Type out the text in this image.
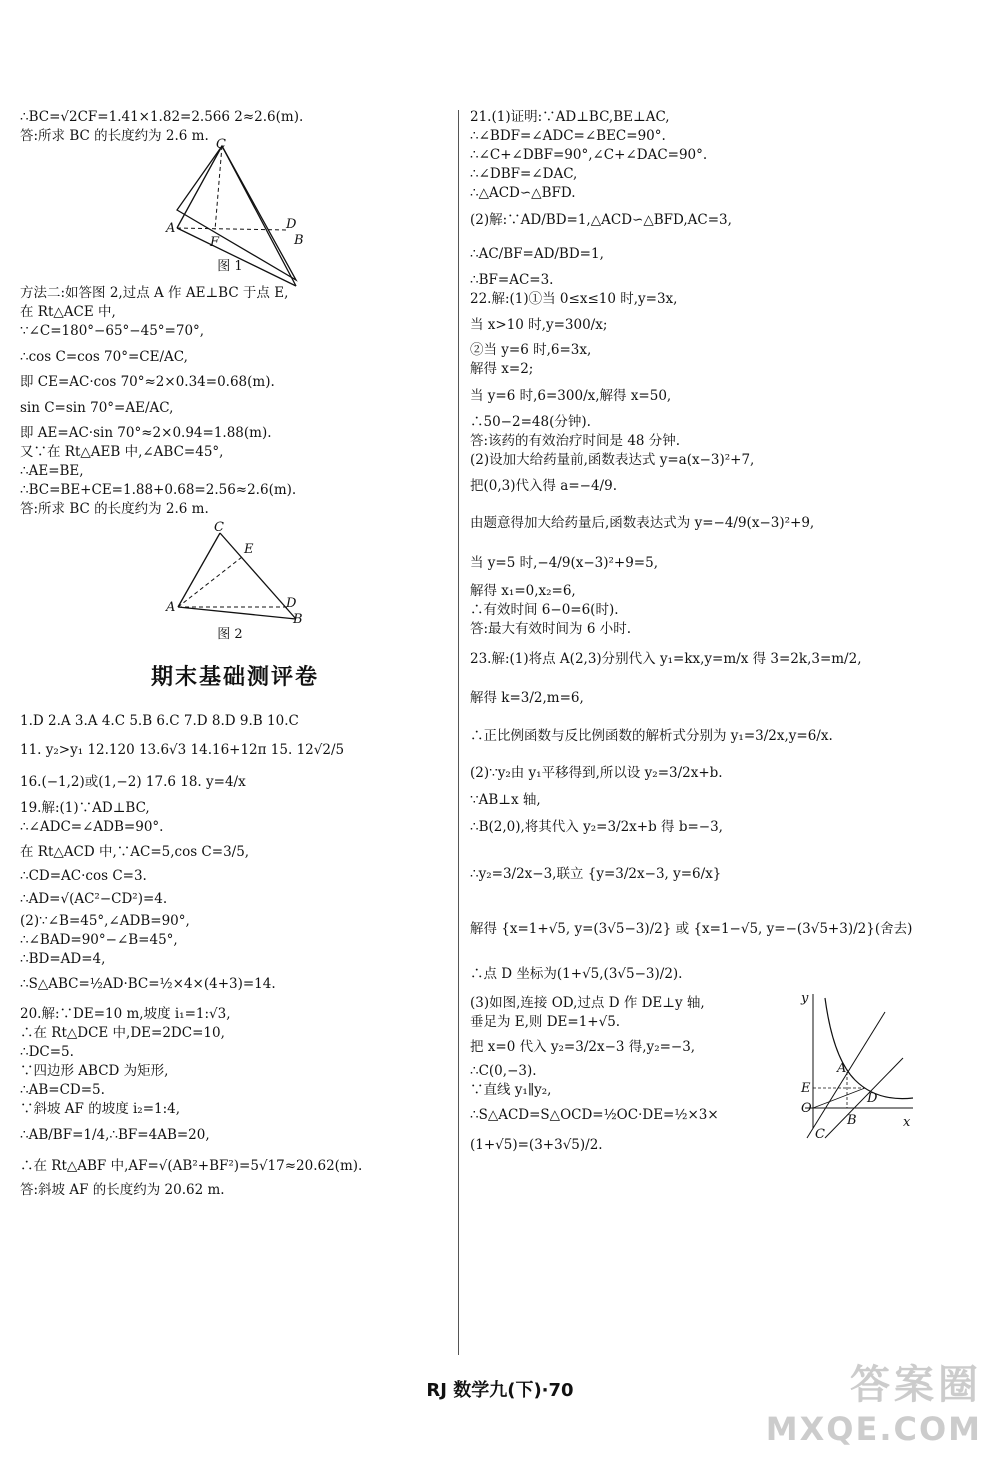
∴BC=√2CF=1.41×1.82=2.566 2≈2.6(m).
答:所求 BC 的长度约为 2.6 m.
C
A
F
D
B
图 1
方法二:如答图 2,过点 A 作 AE⊥BC 于点 E,
在 Rt△ACE 中,
∵∠C=180°−65°−45°=70°,
∴cos C=cos 70°=CE/AC,
即 CE=AC·cos 70°≈2×0.34=0.68(m).
sin C=sin 70°=AE/AC,
即 AE=AC·sin 70°≈2×0.94=1.88(m).
又∵在 Rt△AEB 中,∠ABC=45°,
∴AE=BE,
∴BC=BE+CE=1.88+0.68=2.56≈2.6(m).
答:所求 BC 的长度约为 2.6 m.
C
E
A	D
B
图 2
期末基础测评卷
1.D 2.A 3.A 4.C 5.B 6.C 7.D 8.D 9.B 10.C
11. y₂>y₁ 12.120 13.6√3 14.16+12π 15. 12√2/5
16.(−1,2)或(1,−2) 17.6 18. y=4/x
19.解:(1)∵AD⊥BC,
∴∠ADC=∠ADB=90°.
在 Rt△ACD 中,∵AC=5,cos C=3/5,
∴CD=AC·cos C=3.
∴AD=√(AC²−CD²)=4.
(2)∵∠B=45°,∠ADB=90°,
∴∠BAD=90°−∠B=45°,
∴BD=AD=4,
∴S△ABC=½AD·BC=½×4×(4+3)=14.
20.解:∵DE=10 m,坡度 i₁=1:√3,
∴在 Rt△DCE 中,DE=2DC=10,
∴DC=5.
∵四边形 ABCD 为矩形,
∴AB=CD=5.
∵斜坡 AF 的坡度 i₂=1:4,
∴AB/BF=1/4,∴BF=4AB=20,
∴在 Rt△ABF 中,AF=√(AB²+BF²)=5√17≈20.62(m).
答:斜坡 AF 的长度约为 20.62 m.
21.(1)证明:∵AD⊥BC,BE⊥AC,
∴∠BDF=∠ADC=∠BEC=90°.
∴∠C+∠DBF=90°,∠C+∠DAC=90°.
∴∠DBF=∠DAC,
∴△ACD∽△BFD.
(2)解:∵AD/BD=1,△ACD∽△BFD,AC=3,
∴AC/BF=AD/BD=1,
∴BF=AC=3.
22.解:(1)①当 0≤x≤10 时,y=3x,
当 x>10 时,y=300/x;
②当 y=6 时,6=3x,
解得 x=2;
当 y=6 时,6=300/x,解得 x=50,
∴50−2=48(分钟).
答:该药的有效治疗时间是 48 分钟.
(2)设加大给药量前,函数表达式 y=a(x−3)²+7,
把(0,3)代入得 a=−4/9.
由题意得加大给药量后,函数表达式为 y=−4/9(x−3)²+9,
当 y=5 时,−4/9(x−3)²+9=5,
解得 x₁=0,x₂=6,
∴有效时间 6−0=6(时).
答:最大有效时间为 6 小时.
23.解:(1)将点 A(2,3)分别代入 y₁=kx,y=m/x 得 3=2k,3=m/2,
解得 k=3/2,m=6,
∴正比例函数与反比例函数的解析式分别为 y₁=3/2x,y=6/x.
(2)∵y₂由 y₁平移得到,所以设 y₂=3/2x+b.
∵AB⊥x 轴,
∴B(2,0),将其代入 y₂=3/2x+b 得 b=−3,
∴y₂=3/2x−3,联立 {y=3/2x−3, y=6/x}
解得 {x=1+√5, y=(3√5−3)/2} 或 {x=1−√5, y=−(3√5+3)/2}(舍去)
∴点 D 坐标为(1+√5,(3√5−3)/2).
(3)如图,连接 OD,过点 D 作 DE⊥y 轴,
垂足为 E,则 DE=1+√5.
把 x=0 代入 y₂=3/2x−3 得,y₂=−3,
∴C(0,−3).
∵直线 y₁∥y₂,
∴S△ACD=S△OCD=½OC·DE=½×3×
(1+√5)=(3+3√5)/2.
y
x
E
A
O
D
B
C
RJ 数学九(下)·70	答案圈
MXQE.COM
